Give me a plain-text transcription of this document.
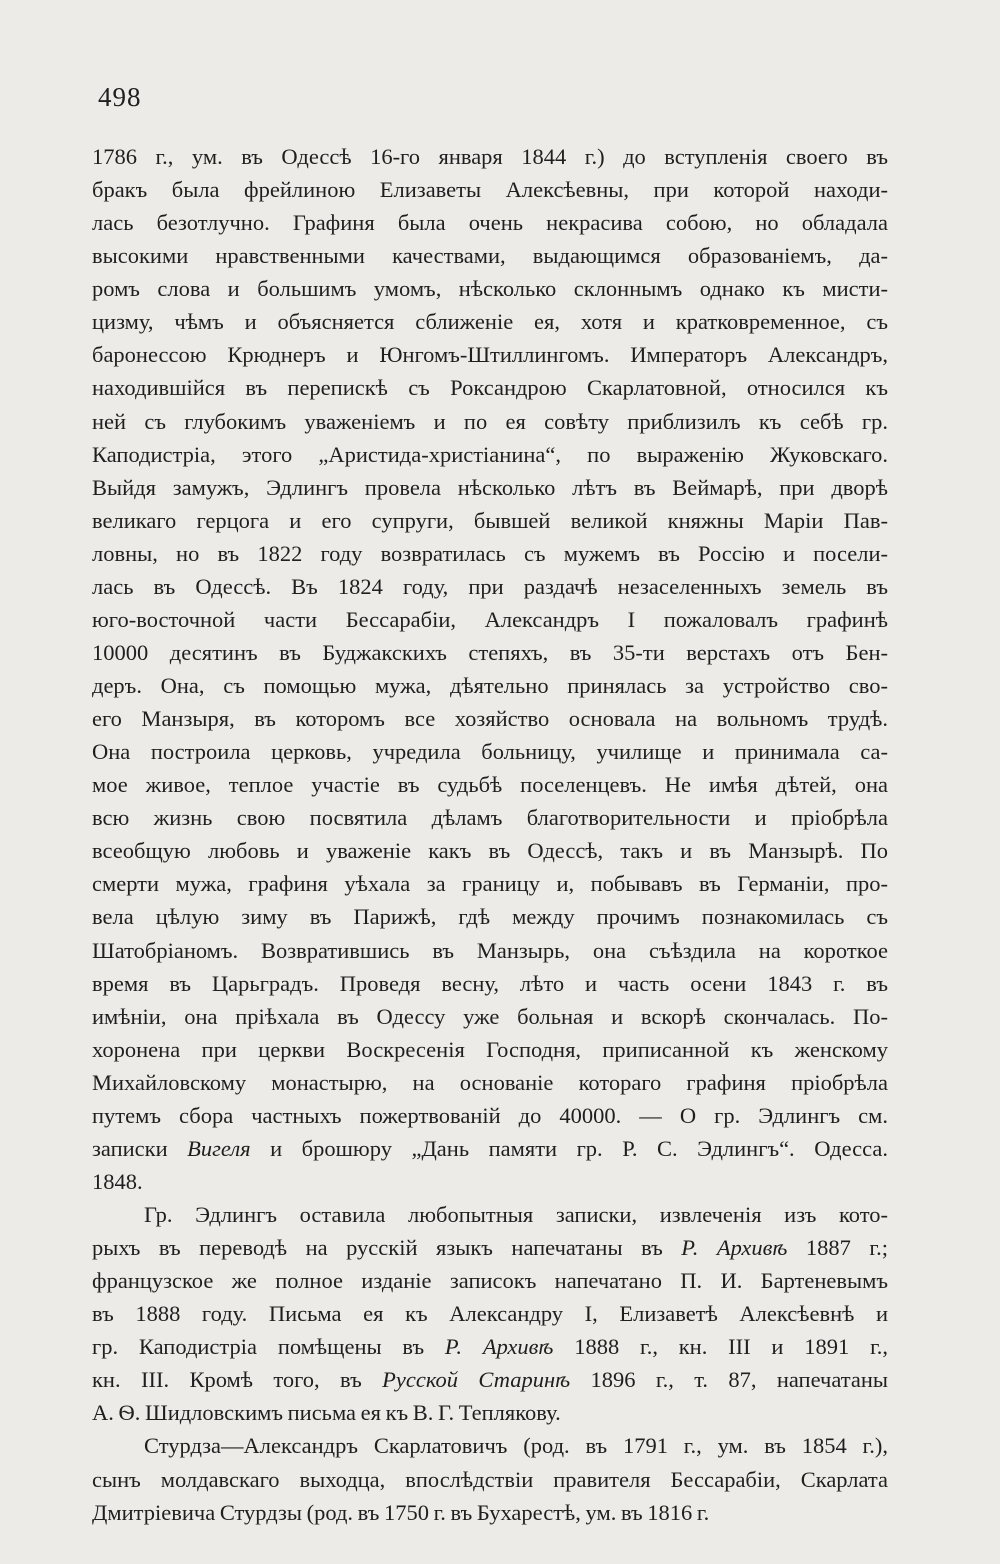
498
1786 г., ум. въ Одессѣ 16-го января 1844 г.) до вступленія своего въ
бракъ была фрейлиною Елизаветы Алексѣевны, при которой находи-
лась безотлучно. Графиня была очень некрасива собою, но обладала
высокими нравственными качествами, выдающимся образованіемъ, да-
ромъ слова и большимъ умомъ, нѣсколько склоннымъ однако къ мисти-
цизму, чѣмъ и объясняется сближеніе ея, хотя и кратковременное, съ
баронессою Крюднеръ и Юнгомъ-Штиллингомъ. Императоръ Александръ,
находившійся въ перепискѣ съ Роксандрою Скарлатовной, относился къ
ней съ глубокимъ уваженіемъ и по ея совѣту приблизилъ къ себѣ гр.
Каподистріа, этого „Аристида-христіанина“, по выраженію Жуковскаго.
Выйдя замужъ, Эдлингъ провела нѣсколько лѣтъ въ Веймарѣ, при дворѣ
великаго герцога и его супруги, бывшей великой княжны Маріи Пав-
ловны, но въ 1822 году возвратилась съ мужемъ въ Россію и посели-
лась въ Одессѣ. Въ 1824 году, при раздачѣ незаселенныхъ земель въ
юго-восточной части Бессарабіи, Александръ I пожаловалъ графинѣ
10000 десятинъ въ Буджакскихъ степяхъ, въ 35-ти верстахъ отъ Бен-
деръ. Она, съ помощью мужа, дѣятельно принялась за устройство сво-
его Манзыря, въ которомъ все хозяйство основала на вольномъ трудѣ.
Она построила церковь, учредила больницу, училище и принимала са-
мое живое, теплое участіе въ судьбѣ поселенцевъ. Не имѣя дѣтей, она
всю жизнь свою посвятила дѣламъ благотворительности и пріобрѣла
всеобщую любовь и уваженіе какъ въ Одессѣ, такъ и въ Манзырѣ. По
смерти мужа, графиня уѣхала за границу и, побывавъ въ Германіи, про-
вела цѣлую зиму въ Парижѣ, гдѣ между прочимъ познакомилась съ
Шатобріаномъ. Возвратившись въ Манзырь, она съѣздила на короткое
время въ Царьградъ. Проведя весну, лѣто и часть осени 1843 г. въ
имѣніи, она пріѣхала въ Одессу уже больная и вскорѣ скончалась. По-
хоронена при церкви Воскресенія Господня, приписанной къ женскому
Михайловскому монастырю, на основаніе котораго графиня пріобрѣла
путемъ сбора частныхъ пожертвованій до 40000. — О гр. Эдлингъ см.
записки Вигеля и брошюру „Дань памяти гр. Р. С. Эдлингъ“. Одесса.
1848.
Гр. Эдлингъ оставила любопытныя записки, извлеченія изъ кото-
рыхъ въ переводѣ на русскій языкъ напечатаны въ Р. Архивѣ 1887 г.;
французское же полное изданіе записокъ напечатано П. И. Бартеневымъ
въ 1888 году. Письма ея къ Александру I, Елизаветѣ Алексѣевнѣ и
гр. Каподистріа помѣщены въ Р. Архивѣ 1888 г., кн. III и 1891 г.,
кн. III. Кромѣ того, въ Русской Старинѣ 1896 г., т. 87, напечатаны
А. Ѳ. Шидловскимъ письма ея къ В. Г. Теплякову.
Стурдза—Александръ Скарлатовичъ (род. въ 1791 г., ум. въ 1854 г.),
сынъ молдавскаго выходца, впослѣдствіи правителя Бессарабіи, Скарлата
Дмитріевича Стурдзы (род. въ 1750 г. въ Бухарестѣ, ум. въ 1816 г.
